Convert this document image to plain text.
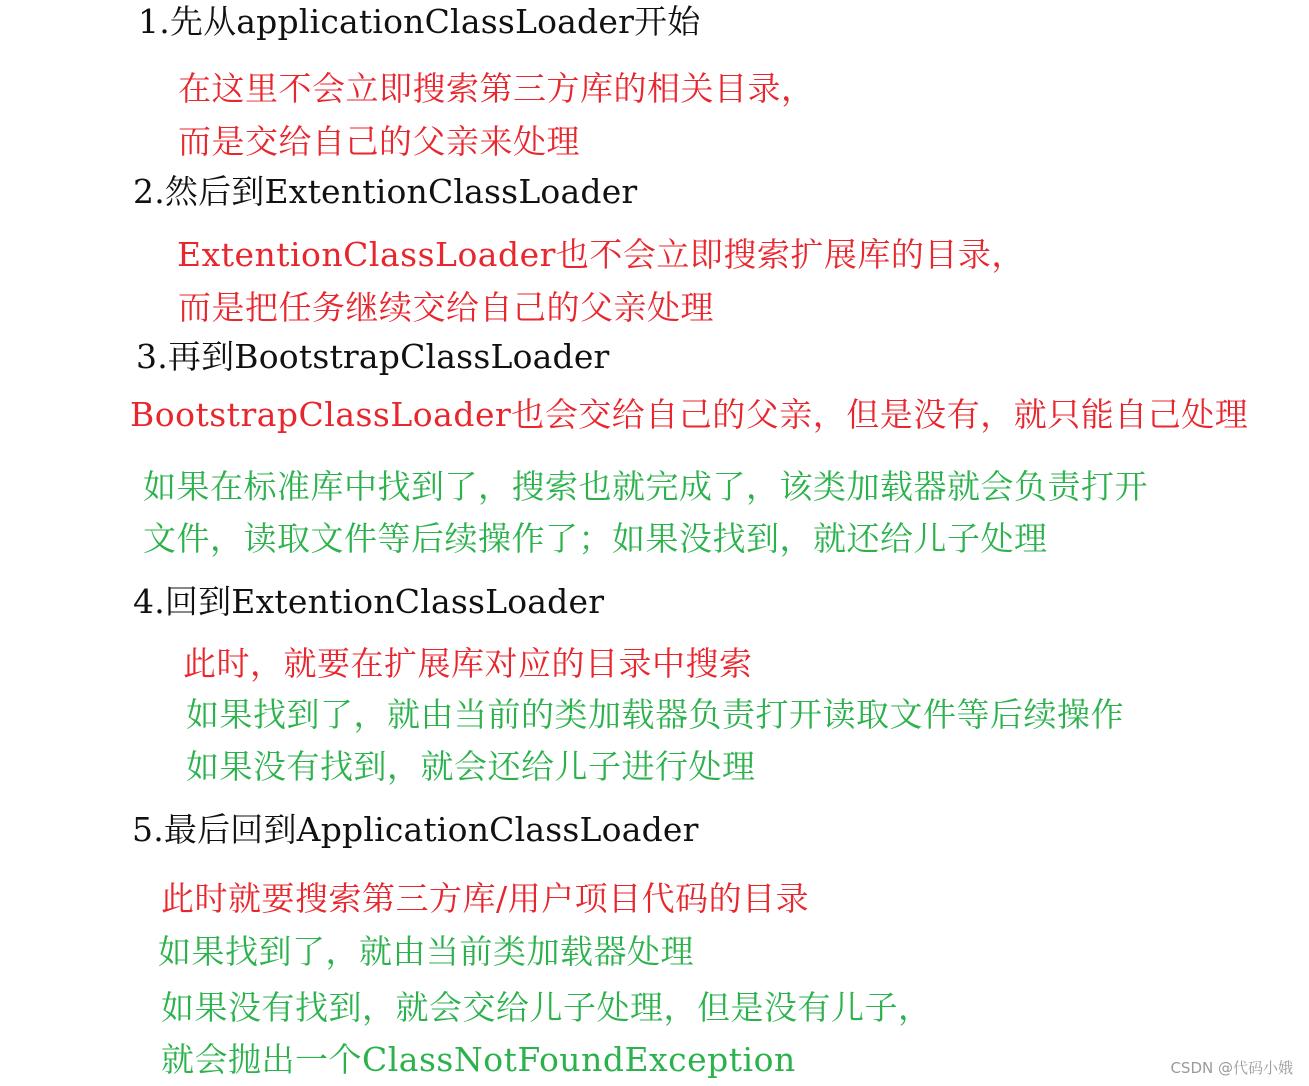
1.先从applicationClassLoader开始
在这里不会立即搜索第三方库的相关目录，
而是交给自己的父亲来处理
2.然后到ExtentionClassLoader
ExtentionClassLoader也不会立即搜索扩展库的目录，
而是把任务继续交给自己的父亲处理
3.再到BootstrapClassLoader
BootstrapClassLoader也会交给自己的父亲，但是没有，就只能自己处理
如果在标准库中找到了，搜索也就完成了，该类加载器就会负责打开
文件，读取文件等后续操作了；如果没找到，就还给儿子处理
4.回到ExtentionClassLoader
此时，就要在扩展库对应的目录中搜索
如果找到了，就由当前的类加载器负责打开读取文件等后续操作
如果没有找到，就会还给儿子进行处理
5.最后回到ApplicationClassLoader
此时就要搜索第三方库/用户项目代码的目录
如果找到了，就由当前类加载器处理
如果没有找到，就会交给儿子处理，但是没有儿子，
就会抛出一个ClassNotFoundException	CSDN @代码小娥
